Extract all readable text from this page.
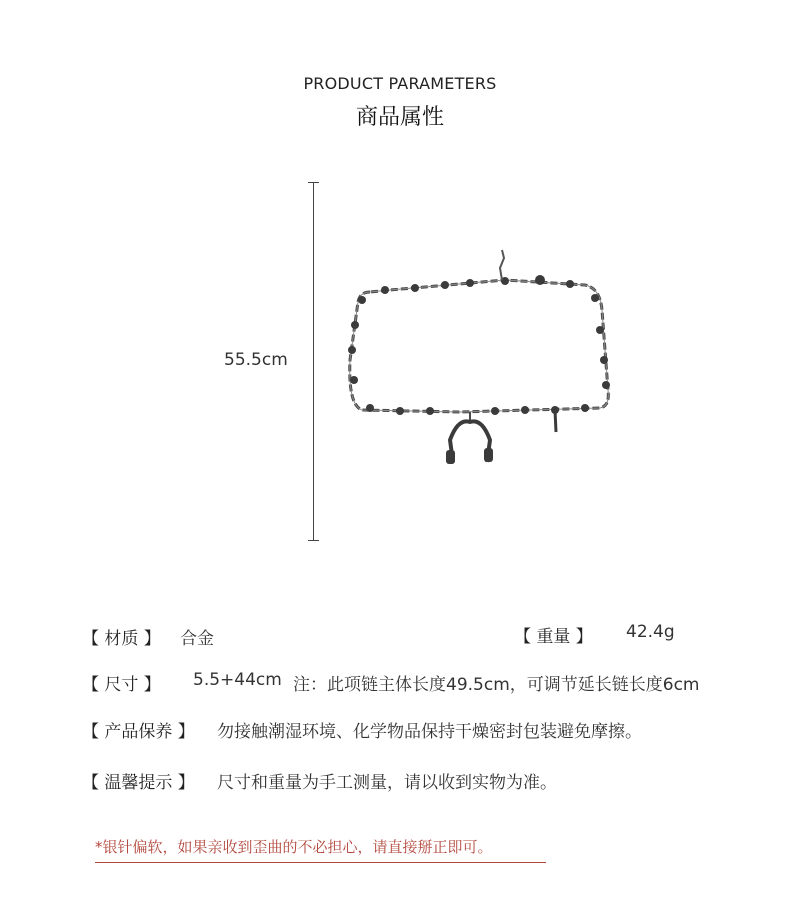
PRODUCT PARAMETERS
商品属性
55.5cm
【 材质 】 合金	【 重量 】 42.4g
【 尺寸 】 5.5+44cm 注：此项链主体长度49.5cm，可调节延长链长度6cm
【 产品保养 】 勿接触潮湿环境、化学物品保持干燥密封包装避免摩擦。
【 温馨提示 】 尺寸和重量为手工测量，请以收到实物为准。
*银针偏软，如果亲收到歪曲的不必担心，请直接掰正即可。
